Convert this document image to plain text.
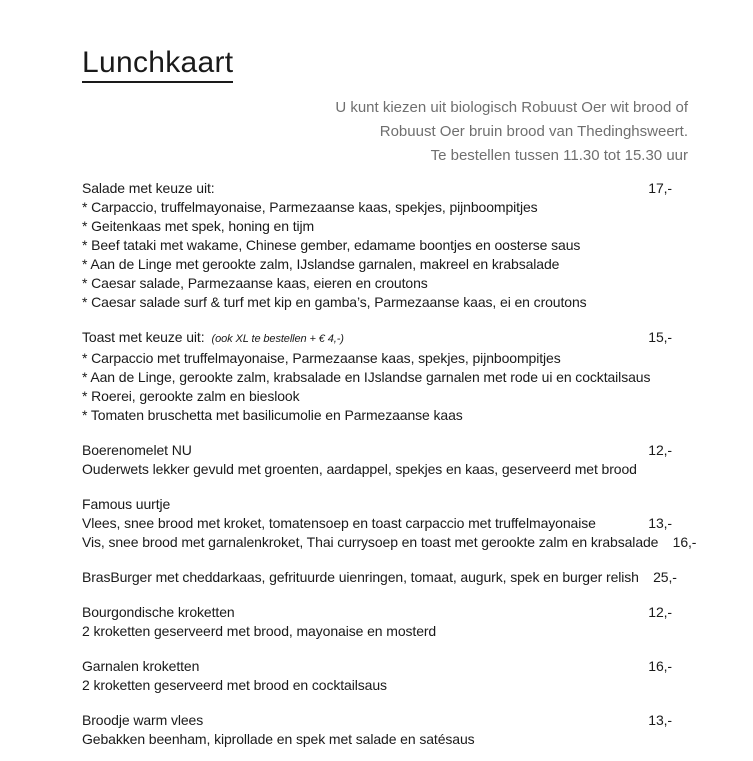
Lunchkaart
U kunt kiezen uit biologisch Robuust Oer wit brood of
Robuust Oer bruin brood van Thedinghsweert.
Te bestellen tussen 11.30 tot 15.30 uur
Salade met keuze uit:	17,-
* Carpaccio, truffelmayonaise, Parmezaanse kaas, spekjes, pijnboompitjes
* Geitenkaas met spek, honing en tijm
* Beef tataki met wakame, Chinese gember, edamame boontjes en oosterse saus
* Aan de Linge met gerookte zalm, IJslandse garnalen, makreel en krabsalade
* Caesar salade, Parmezaanse kaas, eieren en croutons
* Caesar salade surf & turf met kip en gamba’s, Parmezaanse kaas, ei en croutons
Toast met keuze uit: (ook XL te bestellen + € 4,-)	15,-
* Carpaccio met truffelmayonaise, Parmezaanse kaas, spekjes, pijnboompitjes
* Aan de Linge, gerookte zalm, krabsalade en IJslandse garnalen met rode ui en cocktailsaus
* Roerei, gerookte zalm en bieslook
* Tomaten bruschetta met basilicumolie en Parmezaanse kaas
Boerenomelet NU	12,-
Ouderwets lekker gevuld met groenten, aardappel, spekjes en kaas, geserveerd met brood
Famous uurtje
Vlees, snee brood met kroket, tomatensoep en toast carpaccio met truffelmayonaise	13,-
Vis, snee brood met garnalenkroket, Thai currysoep en toast met gerookte zalm en krabsalade	16,-
BrasBurger met cheddarkaas, gefrituurde uienringen, tomaat, augurk, spek en burger relish	25,-
Bourgondische kroketten	12,-
2 kroketten geserveerd met brood, mayonaise en mosterd
Garnalen kroketten	16,-
2 kroketten geserveerd met brood en cocktailsaus
Broodje warm vlees	13,-
Gebakken beenham, kiprollade en spek met salade en satésaus
